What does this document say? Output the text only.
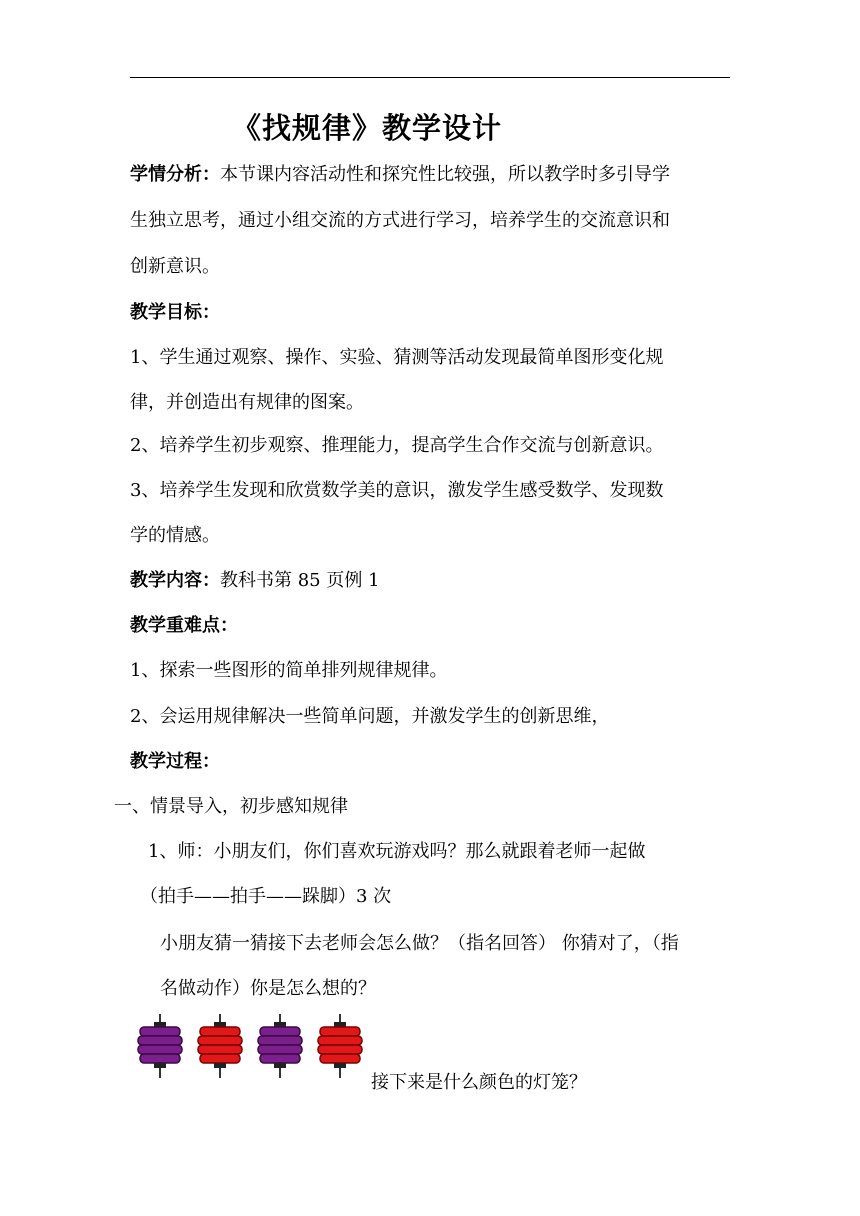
《找规律》教学设计
学情分析：本节课内容活动性和探究性比较强，所以教学时多引导学
生独立思考，通过小组交流的方式进行学习，培养学生的交流意识和
创新意识。
教学目标：
1、学生通过观察、操作、实验、猜测等活动发现最简单图形变化规
律，并创造出有规律的图案。
2、培养学生初步观察、推理能力，提高学生合作交流与创新意识。
3、培养学生发现和欣赏数学美的意识，激发学生感受数学、发现数
学的情感。
教学内容：教科书第 85 页例 1
教学重难点：
1、探索一些图形的简单排列规律规律。
2、会运用规律解决一些简单问题，并激发学生的创新思维，
教学过程：
一、情景导入，初步感知规律
1、师：小朋友们，你们喜欢玩游戏吗？那么就跟着老师一起做
（拍手——拍手——跺脚）3 次
小朋友猜一猜接下去老师会怎么做？（指名回答） 你猜对了，（指
名做动作）你是怎么想的？
接下来是什么颜色的灯笼？
